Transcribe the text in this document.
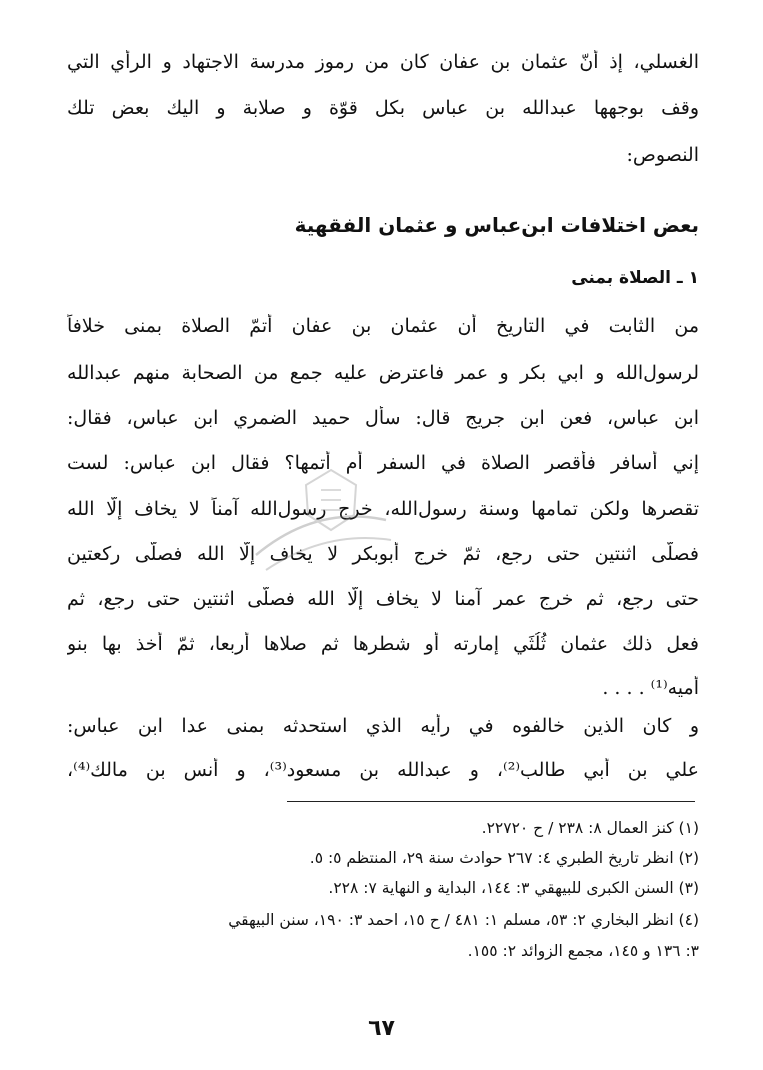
الغسلي، إذ أنّ عثمان بن عفان كان من رموز مدرسة الاجتهاد و الرأي التي
وقف بوجهها عبدالله بن عباس بكل قوّة و صلابة و اليك بعض تلك
النصوص:
بعض اختلافات ابن‌عباس و عثمان الفقهية
١ ـ الصلاة بمنى
من الثابت في التاريخ أن عثمان بن عفان أتمّ الصلاة بمنى خلافاً
لرسول‌الله و ابي بكر و عمر فاعترض عليه جمع من الصحابة منهم عبدالله
ابن عباس، فعن ابن جريج قال: سأل حميد الضمري ابن عباس، فقال:
إني أسافر فأقصر الصلاة في السفر أم أتمها؟ فقال ابن عباس: لست
تقصرها ولكن تمامها وسنة رسول‌الله، خرج رسول‌الله آمناً لا يخاف إلّا الله
فصلّى اثنتين حتى رجع، ثمّ خرج أبوبكر لا يخاف إلّا الله فصلّى ركعتين
حتى رجع، ثم خرج عمر آمنا لا يخاف إلّا الله فصلّى اثنتين حتى رجع، ثم
فعل ذلك عثمان ثُلُثَي إمارته أو شطرها ثم صلاها أربعا، ثمّ أخذ بها بنو
أميه⁽¹⁾ . . . .
و كان الذين خالفوه في رأيه الذي استحدثه بمنى عدا ابن عباس:
علي بن أبي طالب⁽²⁾، و عبدالله بن مسعود⁽³⁾، و أنس بن مالك⁽⁴⁾،
(١) كنز العمال ٨: ٢٣٨ / ح ٢٢٧٢٠.
(٢) انظر تاريخ الطبري ٤: ٢٦٧ حوادث سنة ٢٩، المنتظم ٥: ٥.
(٣) السنن الكبرى للبيهقي ٣: ١٤٤، البداية و النهاية ٧: ٢٢٨.
(٤) انظر البخاري ٢: ٥٣، مسلم ١: ٤٨١ / ح ١٥، احمد ٣: ١٩٠، سنن البيهقي
٣: ١٣٦ و ١٤٥، مجمع الزوائد ٢: ١٥٥.
٦٧
